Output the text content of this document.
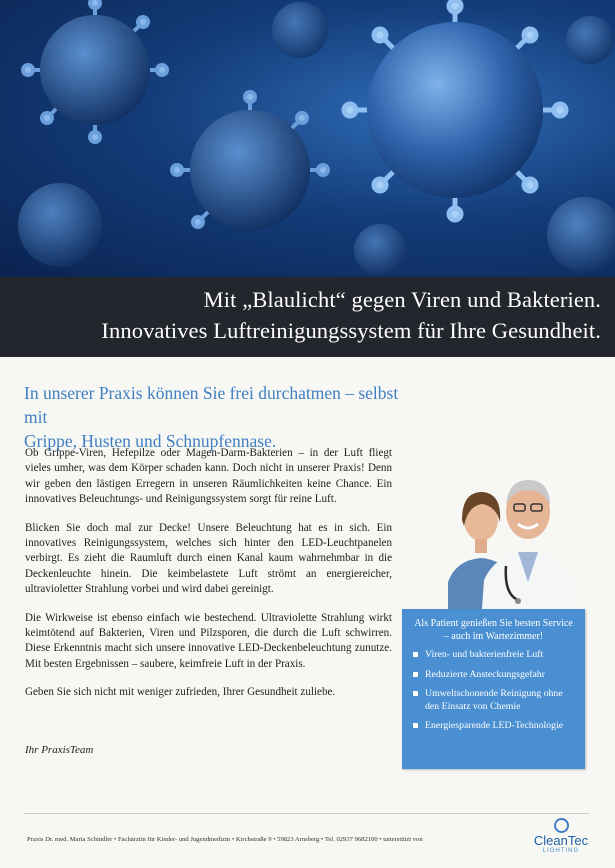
Mit „Blaulicht“ gegen Viren und Bakterien.
Innovatives Luftreinigungssystem für Ihre Gesundheit.
In unserer Praxis können Sie frei durchatmen – selbst mit
Grippe, Husten und Schnupfennase.

Ob Grippe-Viren, Hefepilze oder Magen-Darm-Bakterien – in der Luft fliegt vieles umher, was dem Körper schaden kann. Doch nicht in unserer Praxis! Denn wir geben den lästigen Erregern in unseren Räumlichkeiten keine Chance. Ein innovatives Beleuchtungs- und Reinigungssystem sorgt für reine Luft.

Blicken Sie doch mal zur Decke! Unsere Beleuchtung hat es in sich. Ein innovatives Reinigungssystem, welches sich hinter den LED-Leuchtpanelen verbirgt. Es zieht die Raumluft durch einen Kanal kaum wahrnehmbar in die Deckenleuchte hinein. Die keimbelastete Luft strömt an energiereicher, ultravioletter Strahlung vorbei und wird dabei gereinigt.

Die Wirkweise ist ebenso einfach wie bestechend. Ultraviolette Strahlung wirkt keimtötend auf Bakterien, Viren und Pilzsporen, die durch die Luft schwirren. Diese Erkenntnis macht sich unsere innovative LED-Deckenbeleuchtung zunutze. Mit besten Ergebnissen – saubere, keimfreie Luft in der Praxis.

Geben Sie sich nicht mit weniger zufrieden, Ihrer Gesundheit zuliebe.

Ihr PraxisTeam
Als Patient genießen Sie besten Service – auch im Wartezimmer!
Viren- und bakterienfreie Luft
Reduzierte Ansteckungsgefahr
Umweltschonende Reinigung ohne den Einsatz von Chemie
Energiesparende LED-Technologie
Praxis Dr. med. Maria Schindler • Fachärztin für Kinder- und Jugendmedizin • Kirchstraße 9 • 59823 Arnsberg • Tel. 02937 9682100 • unterstützt von	CleanTec
LIGHTING
